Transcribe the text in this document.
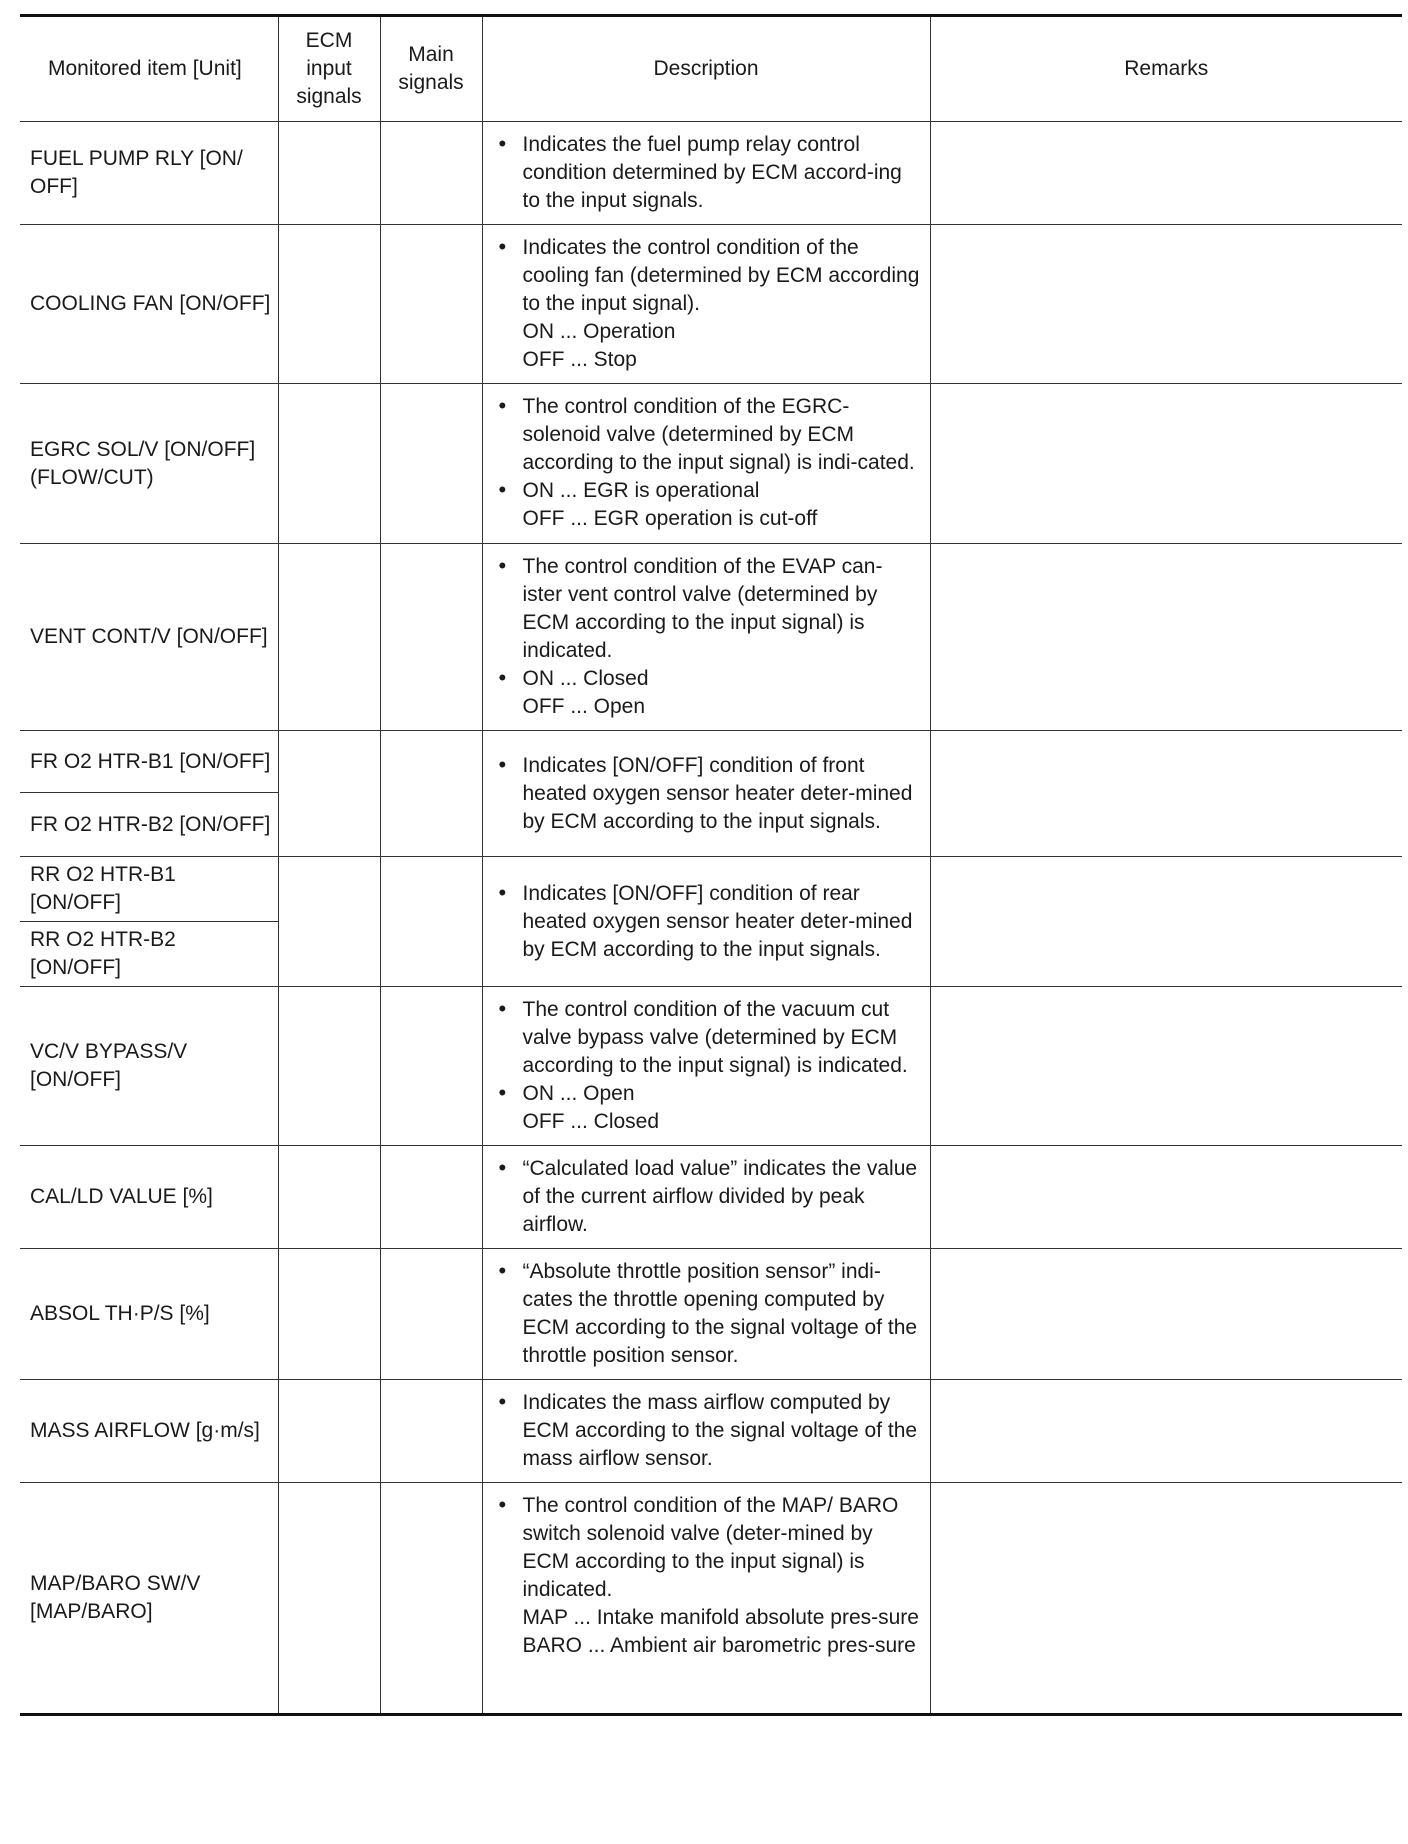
Monitored item [Unit]	ECM input signals	Main signals	Description	Remarks
FUEL PUMP RLY [ON/ OFF]			• Indicates the fuel pump relay control condition determined by ECM accord-ing to the input signals.

COOLING FAN [ON/OFF]			• Indicates the control condition of the cooling fan (determined by ECM according to the input signal).
ON ... Operation
OFF ... Stop

EGRC SOL/V [ON/OFF] (FLOW/CUT)			• The control condition of the EGRC-solenoid valve (determined by ECM according to the input signal) is indi-cated.
• ON ... EGR is operational
OFF ... EGR operation is cut-off

VENT CONT/V [ON/OFF]			• The control condition of the EVAP can-ister vent control valve (determined by ECM according to the input signal) is indicated.
• ON ... Closed
OFF ... Open

FR O2 HTR-B1 [ON/OFF]			• Indicates [ON/OFF] condition of front heated oxygen sensor heater deter-mined by ECM according to the input signals.

FR O2 HTR-B2 [ON/OFF]				
RR O2 HTR-B1 [ON/OFF]			• Indicates [ON/OFF] condition of rear heated oxygen sensor heater deter-mined by ECM according to the input signals.

RR O2 HTR-B2 [ON/OFF]				
VC/V BYPASS/V [ON/OFF]			• The control condition of the vacuum cut valve bypass valve (determined by ECM according to the input signal) is indicated.
• ON ... Open
OFF ... Closed

CAL/LD VALUE [%]			• “Calculated load value” indicates the value of the current airflow divided by peak airflow.

ABSOL TH·P/S [%]			• “Absolute throttle position sensor” indi-cates the throttle opening computed by ECM according to the signal voltage of the throttle position sensor.

MASS AIRFLOW [g·m/s]			• Indicates the mass airflow computed by ECM according to the signal voltage of the mass airflow sensor.

MAP/BARO SW/V [MAP/BARO]			• The control condition of the MAP/ BARO switch solenoid valve (deter-mined by ECM according to the input signal) is indicated.
MAP ... Intake manifold absolute pres-sure
BARO ... Ambient air barometric pres-sure
